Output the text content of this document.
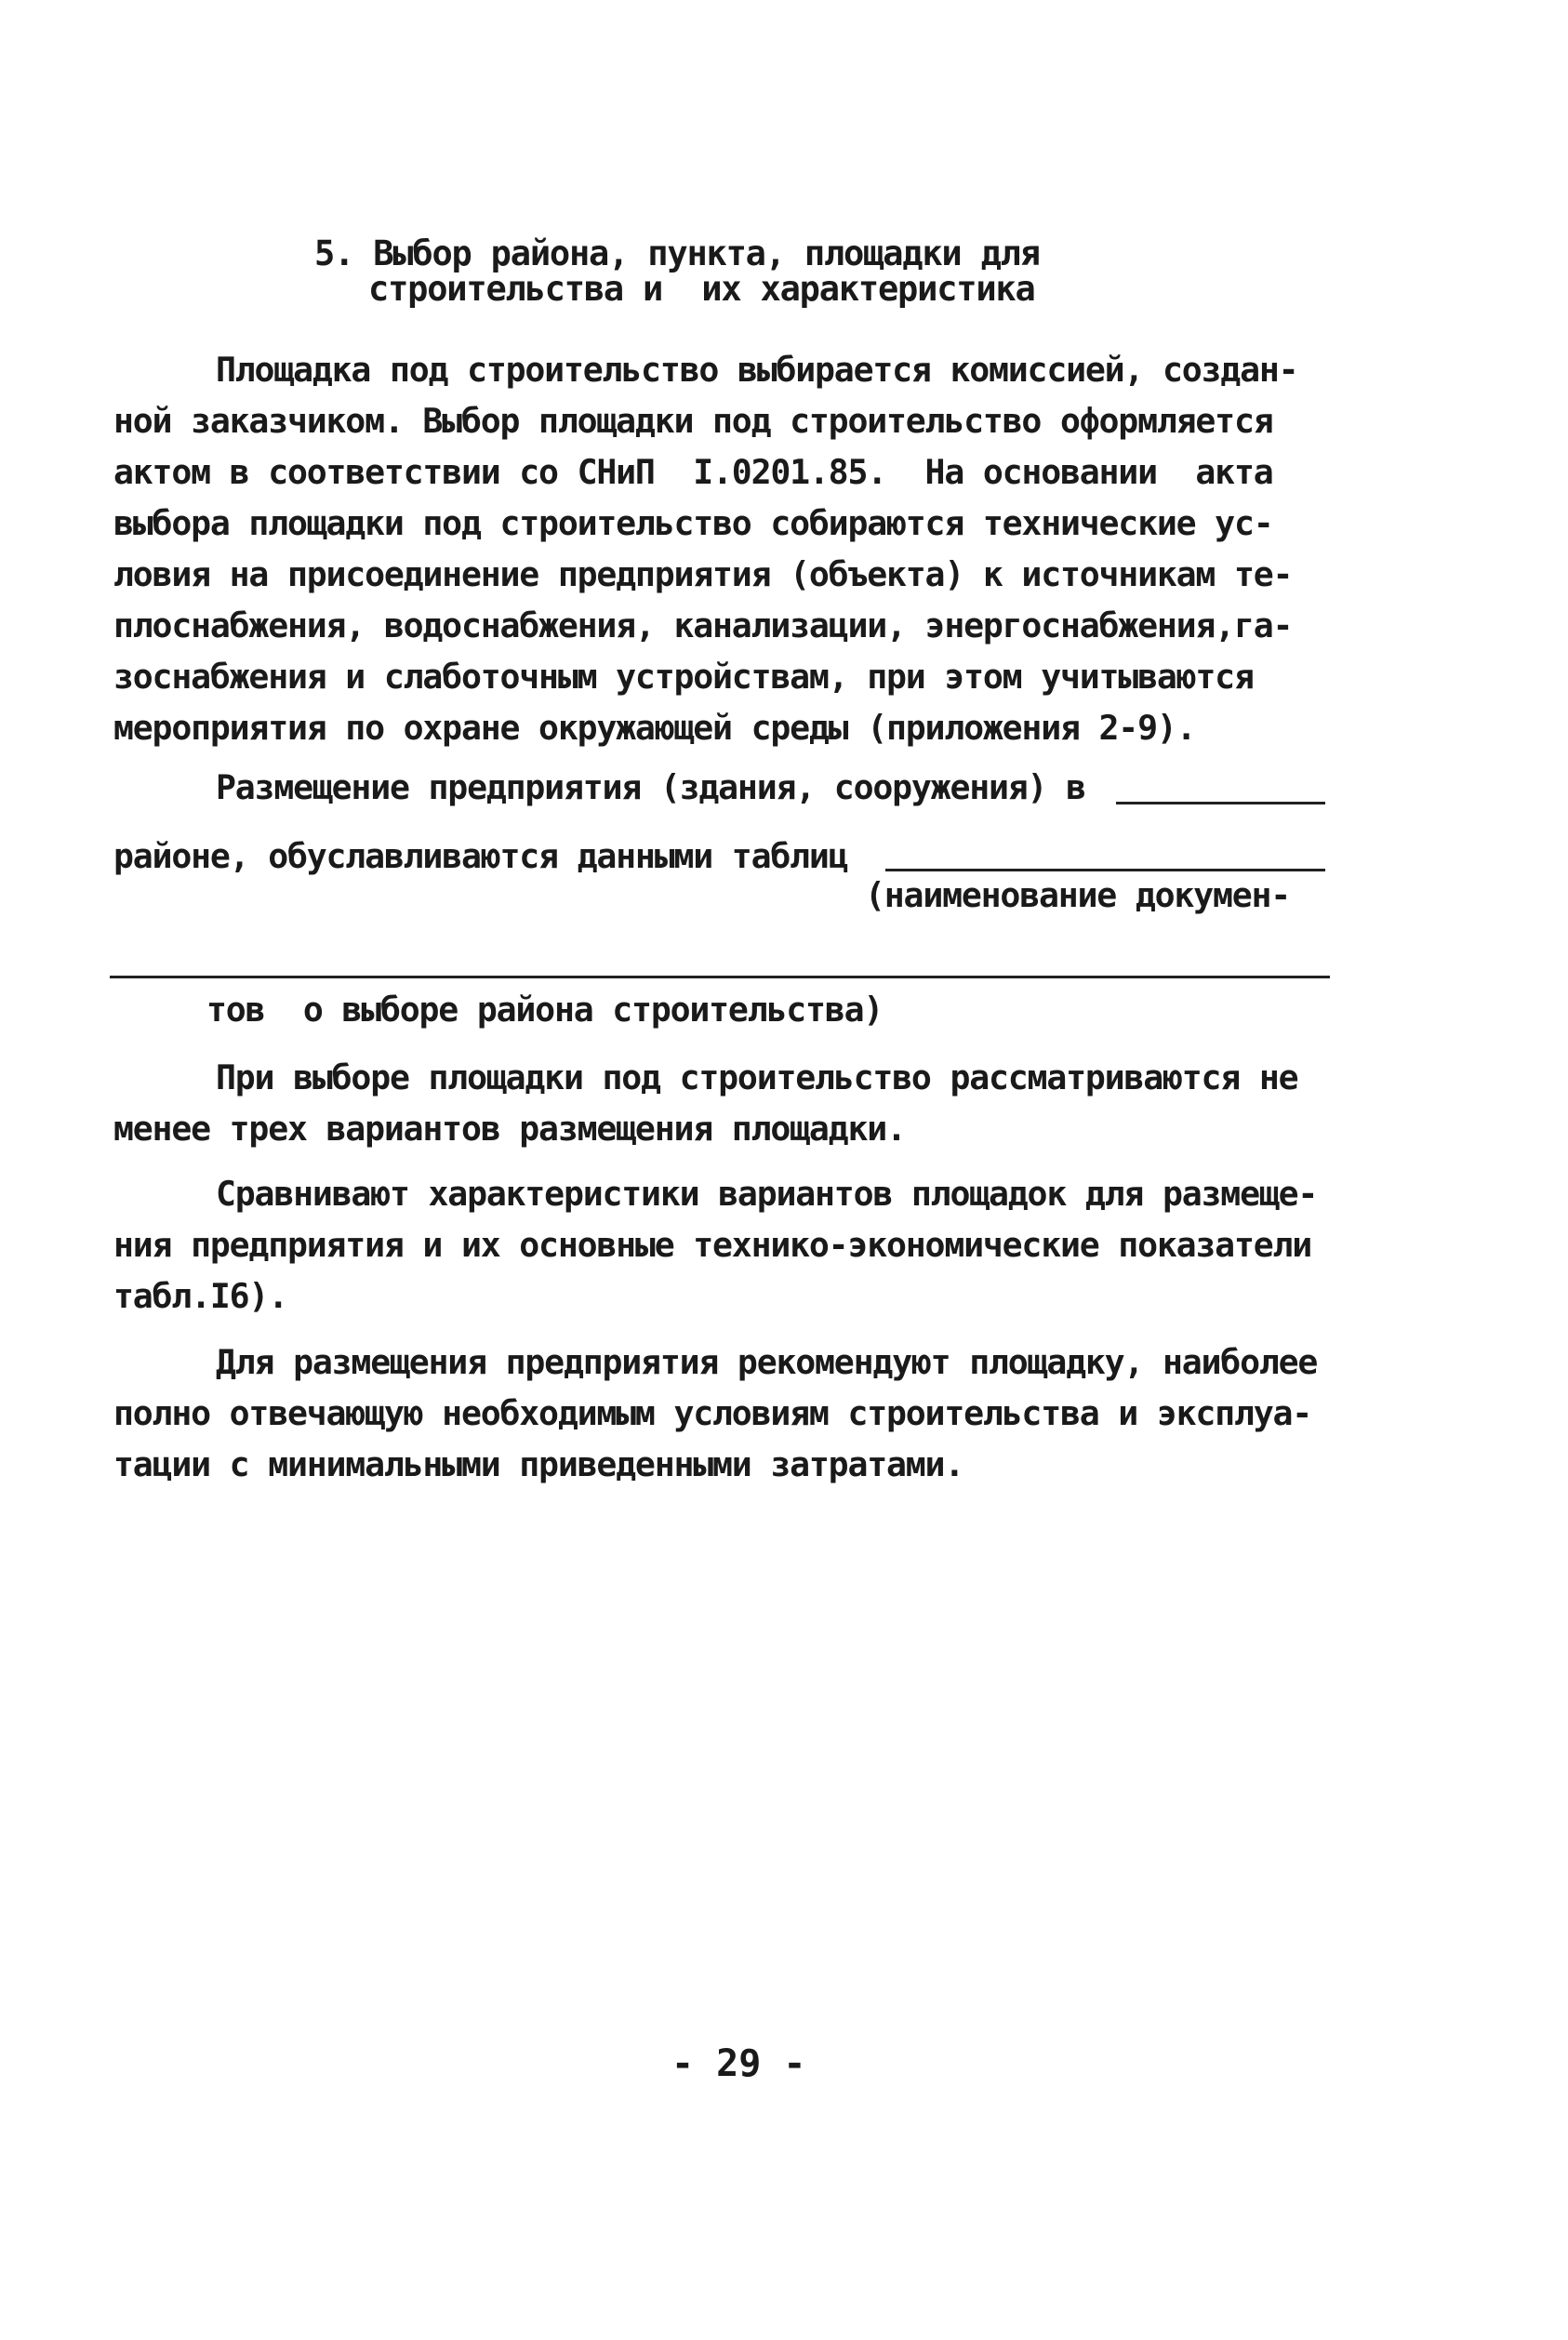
5. Выбор района, пункта, площадки для

строительства и  их характеристика

Площадка под строительство выбирается комиссией, создан-

ной заказчиком. Выбор площадки под строительство оформляется

актом в соответствии со СНиП  I.0201.85.  На основании  акта

выбора площадки под строительство собираются технические ус-

ловия на присоединение предприятия (объекта) к источникам те-

плоснабжения, водоснабжения, канализации, энергоснабжения,га-

зоснабжения и слаботочным устройствам, при этом учитываются

мероприятия по охране окружающей среды (приложения 2-9).

Размещение предприятия (здания, сооружения) в

районе, обуславливаются данными таблиц

(наименование докумен-

тов  о выборе района строительства)

При выборе площадки под строительство рассматриваются не

менее трех вариантов размещения площадки.

Сравнивают характеристики вариантов площадок для размеще-

ния предприятия и их основные технико-экономические показатели

табл.I6).

Для размещения предприятия рекомендуют площадку, наиболее

полно отвечающую необходимым условиям строительства и эксплуа-

тации с минимальными приведенными затратами.

- 29 -
